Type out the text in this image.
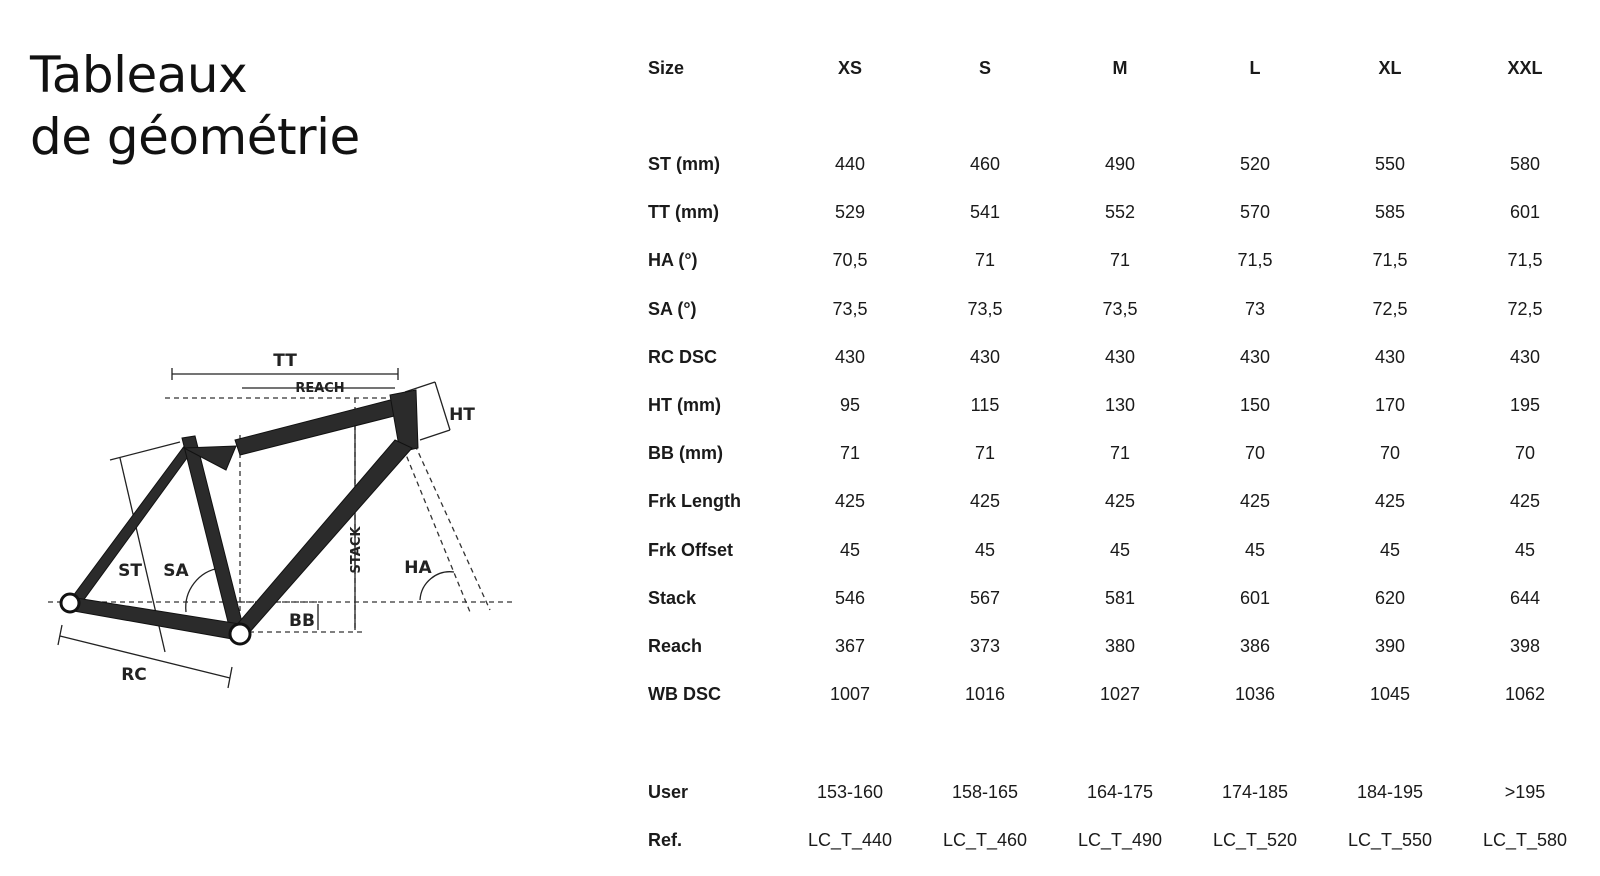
Tableaux
de géométrie
TT
REACH
HT
ST SA	STACK HA
BB
RC
Size	XS	S	M	L	XL	XXL
ST (mm)	440	460	490	520	550	580
TT (mm)	529	541	552	570	585	601
HA (°)	70,5	71	71	71,5	71,5	71,5
SA (°)	73,5	73,5	73,5	73	72,5	72,5
RC DSC	430	430	430	430	430	430
HT (mm)	95	115	130	150	170	195
BB (mm)	71	71	71	70	70	70
Frk Length	425	425	425	425	425	425
Frk Offset	45	45	45	45	45	45
Stack	546	567	581	601	620	644
Reach	367	373	380	386	390	398
WB DSC	1007	1016	1027	1036	1045	1062
User	153-160	158-165	164-175	174-185	184-195	>195
Ref.	LC_T_440	LC_T_460	LC_T_490	LC_T_520	LC_T_550	LC_T_580
